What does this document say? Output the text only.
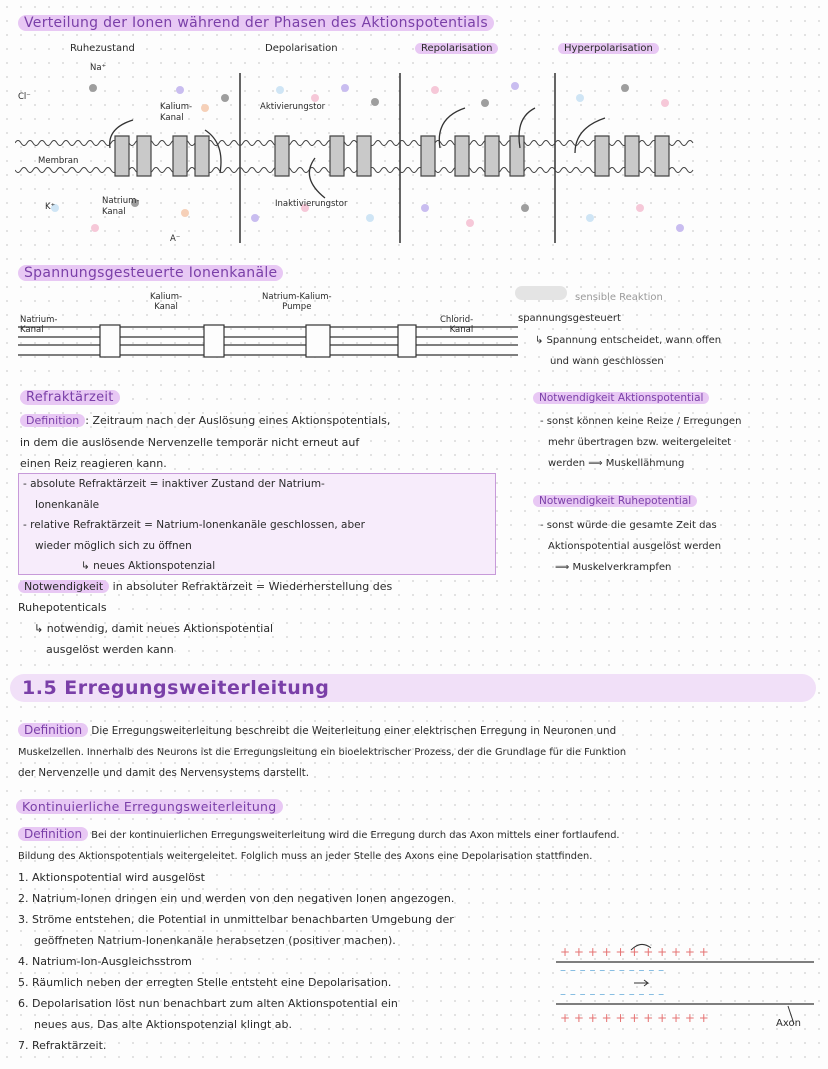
Verteilung der Ionen während der Phasen des Aktionspotentials
Ruhezustand	Depolarisation	Repolarisation	Hyperpolarisation
Na⁺
Cl⁻
Kalium-
Kanal
Aktivierungstor
Membran
K⁺
Natrium-
Kanal
A⁻
Inaktivierungstor
Spannungsgesteuerte Ionenkanäle
Natrium-
Kanal
Kalium-
Kanal
Natrium-Kalium-
Pumpe
Chlorid-
Kanal
sensible Reaktion
spannungsgesteuert
↳ Spannung entscheidet, wann offen
und wann geschlossen
Refraktärzeit
Definition : Zeitraum nach der Auslösung eines Aktionspotentials,
in dem die auslösende Nervenzelle temporär nicht erneut auf
einen Reiz reagieren kann.
- absolute Refraktärzeit = inaktiver Zustand der Natrium-
Ionenkanäle
- relative Refraktärzeit = Natrium-Ionenkanäle geschlossen, aber
wieder möglich sich zu öffnen
↳ neues Aktionspotenzial
Notwendigkeit in absoluter Refraktärzeit = Wiederherstellung des
Ruhepotenticals
↳ notwendig, damit neues Aktionspotential
ausgelöst werden kann
Notwendigkeit Aktionspotential
- sonst können keine Reize / Erregungen
mehr übertragen bzw. weitergeleitet
werden ⟹ Muskellähmung
Notwendigkeit Ruhepotential
- sonst würde die gesamte Zeit das
Aktionspotential ausgelöst werden
⟹ Muskelverkrampfen
1.5 Erregungsweiterleitung
Definition Die Erregungsweiterleitung beschreibt die Weiterleitung einer elektrischen Erregung in Neuronen und
Muskelzellen. Innerhalb des Neurons ist die Erregungsleitung ein bioelektrischer Prozess, der die Grundlage für die Funktion
der Nervenzelle und damit des Nervensystems darstellt.
Kontinuierliche Erregungsweiterleitung
Definition Bei der kontinuierlichen Erregungsweiterleitung wird die Erregung durch das Axon mittels einer fortlaufend.
Bildung des Aktionspotentials weitergeleitet. Folglich muss an jeder Stelle des Axons eine Depolarisation stattfinden.
1. Aktionspotential wird ausgelöst
2. Natrium-Ionen dringen ein und werden von den negativen Ionen angezogen.
3. Ströme entstehen, die Potential in unmittelbar benachbarten Umgebung der
geöffneten Natrium-Ionenkanäle herabsetzen (positiver machen).
4. Natrium-Ion-Ausgleichsstrom
5. Räumlich neben der erregten Stelle entsteht eine Depolarisation.
6. Depolarisation löst nun benachbart zum alten Aktionspotential ein
neues aus. Das alte Aktionspotenzial klingt ab.
7. Refraktärzeit.
+ + + + + + + + + + +
+ + + + + + + + + + +
– – – – – – – – – – –
– – – – – – – – – – –
Axon
